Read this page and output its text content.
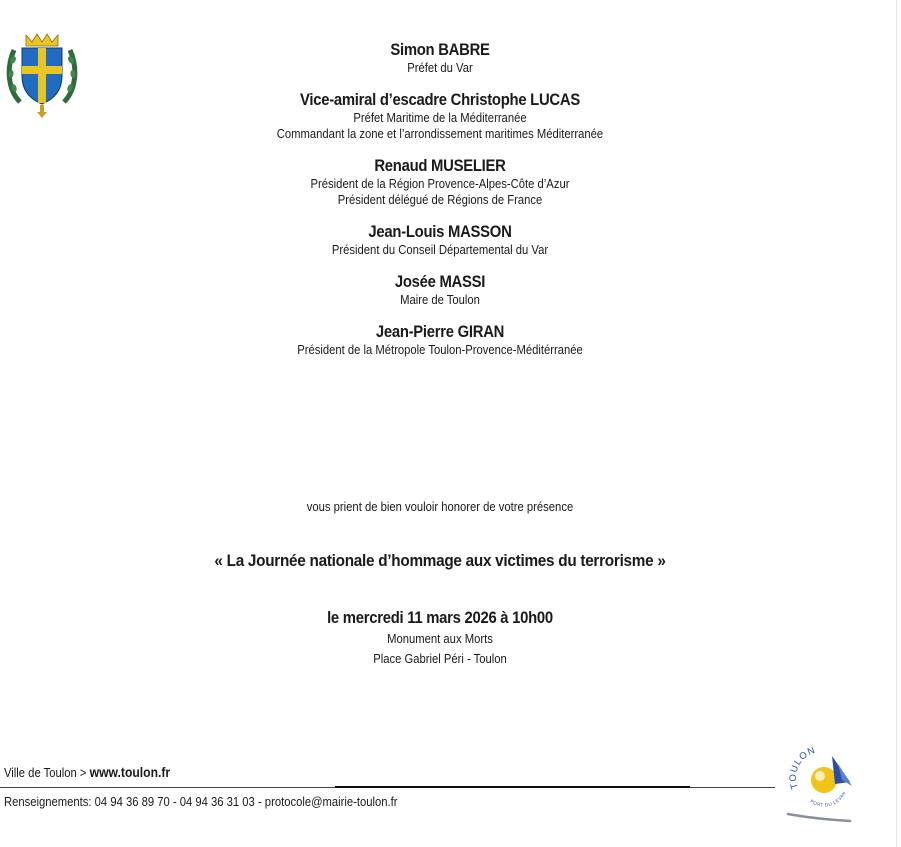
Simon BABRE
Préfet du Var
Vice-amiral d’escadre Christophe LUCAS
Préfet Maritime de la Méditerranée
Commandant la zone et l’arrondissement maritimes Méditerranée
Renaud MUSELIER
Président de la Région Provence-Alpes-Côte d’Azur
Président délégué de Régions de France
Jean-Louis MASSON
Président du Conseil Départemental du Var
Josée MASSI
Maire de Toulon
Jean-Pierre GIRAN
Président de la Métropole Toulon-Provence-Méditérranée
vous prient de bien vouloir honorer de votre présence
« La Journée nationale d’hommage aux victimes du terrorisme »
le mercredi 11 mars 2026 à 10h00
Monument aux Morts
Place Gabriel Péri - Toulon
Ville de Toulon > www.toulon.fr
Renseignements: 04 94 36 89 70 - 04 94 36 31 03 - protocole@mairie-toulon.fr
TOULON
PORT DU LEVAN
